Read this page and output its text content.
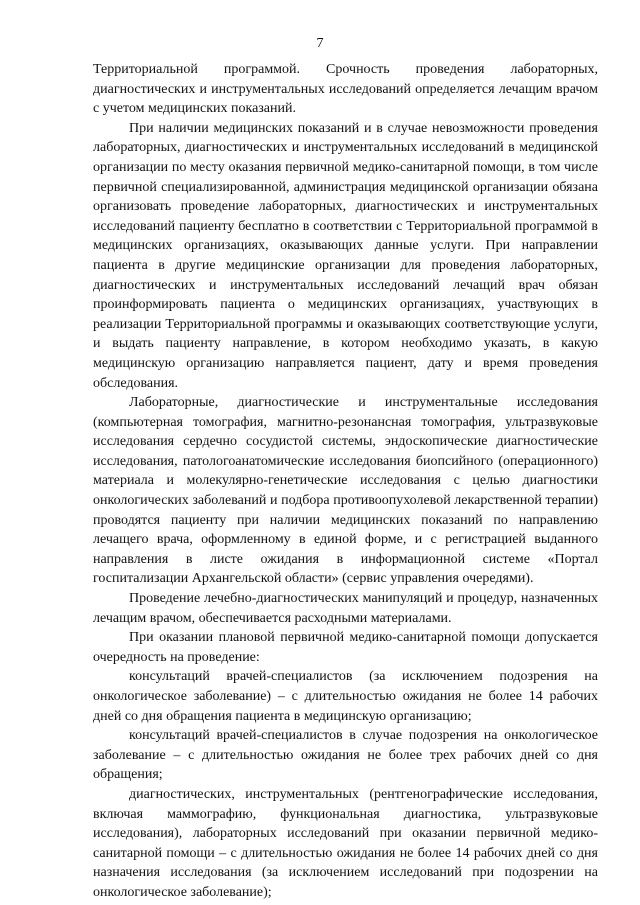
7

Территориальной программой. Срочность проведения лабораторных, диагностических и инструментальных исследований определяется лечащим врачом с учетом медицинских показаний.

При наличии медицинских показаний и в случае невозможности проведения лабораторных, диагностических и инструментальных исследований в медицинской организации по месту оказания первичной медико-санитарной помощи, в том числе первичной специализированной, администрация медицинской организации обязана организовать проведение лабораторных, диагностических и инструментальных исследований пациенту бесплатно в соответствии с Территориальной программой в медицинских организациях, оказывающих данные услуги. При направлении пациента в другие медицинские организации для проведения лабораторных, диагностических и инструментальных исследований лечащий врач обязан проинформировать пациента о медицинских организациях, участвующих в реализации Территориальной программы и оказывающих соответствующие услуги, и выдать пациенту направление, в котором необходимо указать, в какую медицинскую организацию направляется пациент, дату и время проведения обследования.

Лабораторные, диагностические и инструментальные исследования (компьютерная томография, магнитно-резонансная томография, ультразвуковые исследования сердечно сосудистой системы, эндоскопические диагностические исследования, патологоанатомические исследования биопсийного (операционного) материала и молекулярно-генетические исследования с целью диагностики онкологических заболеваний и подбора противоопухолевой лекарственной терапии) проводятся пациенту при наличии медицинских показаний по направлению лечащего врача, оформленному в единой форме, и с регистрацией выданного направления в листе ожидания в информационной системе «Портал госпитализации Архангельской области» (сервис управления очередями).

Проведение лечебно-диагностических манипуляций и процедур, назначенных лечащим врачом, обеспечивается расходными материалами.

При оказании плановой первичной медико-санитарной помощи допускается очередность на проведение:

консультаций врачей-специалистов (за исключением подозрения на онкологическое заболевание) – с длительностью ожидания не более 14 рабочих дней со дня обращения пациента в медицинскую организацию;

консультаций врачей-специалистов в случае подозрения на онкологическое заболевание – с длительностью ожидания не более трех рабочих дней со дня обращения;

диагностических, инструментальных (рентгенографические исследования, включая маммографию, функциональная диагностика, ультразвуковые исследования), лабораторных исследований при оказании первичной медико-санитарной помощи – с длительностью ожидания не более 14 рабочих дней со дня назначения исследования (за исключением исследований при подозрении на онкологическое заболевание);
